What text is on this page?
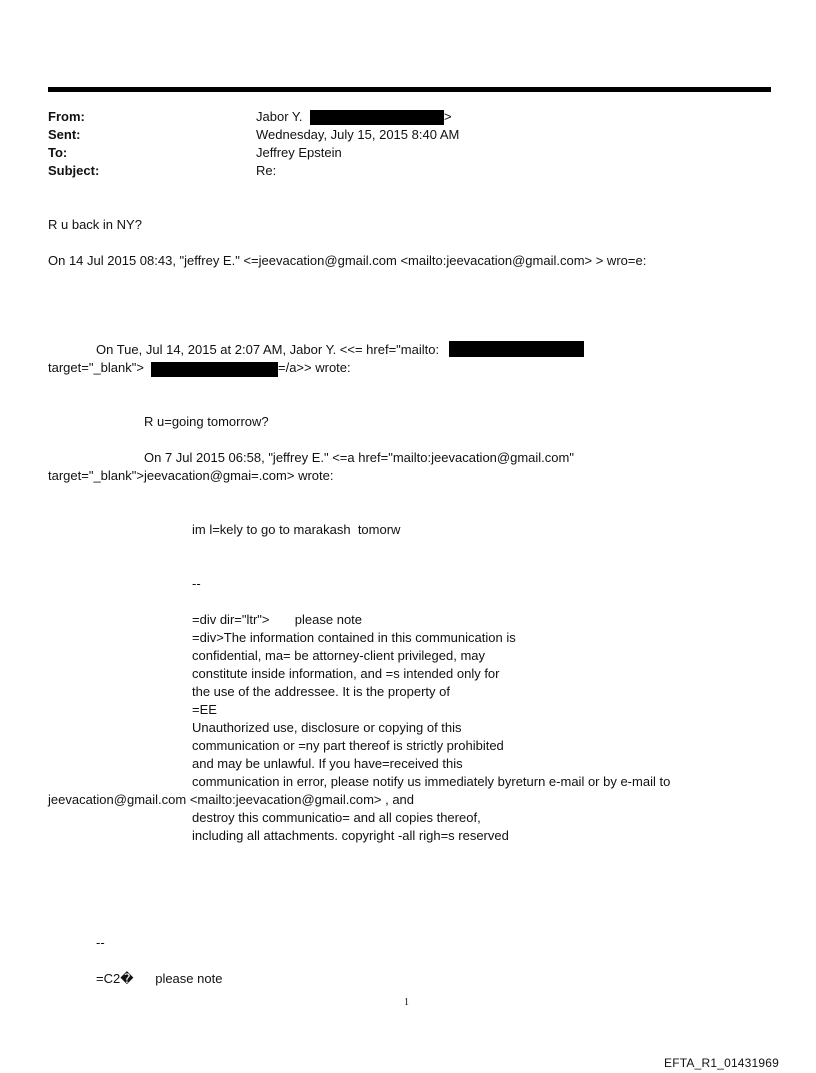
From:	Jabor Y.	>
Sent:	Wednesday, July 15, 2015 8:40 AM
To:	Jeffrey Epstein
Subject:	Re:
R u back in NY?
On 14 Jul 2015 08:43, "jeffrey E." <=jeevacation@gmail.com <mailto:jeevacation@gmail.com> > wro=e:
On Tue, Jul 14, 2015 at 2:07 AM, Jabor Y. <<= href="mailto:
target="_blank">	=/a>> wrote:
R u=going tomorrow?
On 7 Jul 2015 06:58, "jeffrey E." <=a href="mailto:jeevacation@gmail.com"
target="_blank">jeevacation@gmai=.com> wrote:
im l=kely to go to marakash  tomorw
--
=div dir="ltr">       please note
=div>The information contained in this communication is
confidential, ma= be attorney-client privileged, may
constitute inside information, and =s intended only for
the use of the addressee. It is the property of
=EE
Unauthorized use, disclosure or copying of this
communication or =ny part thereof is strictly prohibited
and may be unlawful. If you have=received this
communication in error, please notify us immediately byreturn e-mail or by e-mail to
jeevacation@gmail.com <mailto:jeevacation@gmail.com> , and
destroy this communicatio= and all copies thereof,
including all attachments. copyright -all righ=s reserved
--
=C2�      please note
1
EFTA_R1_01431969
